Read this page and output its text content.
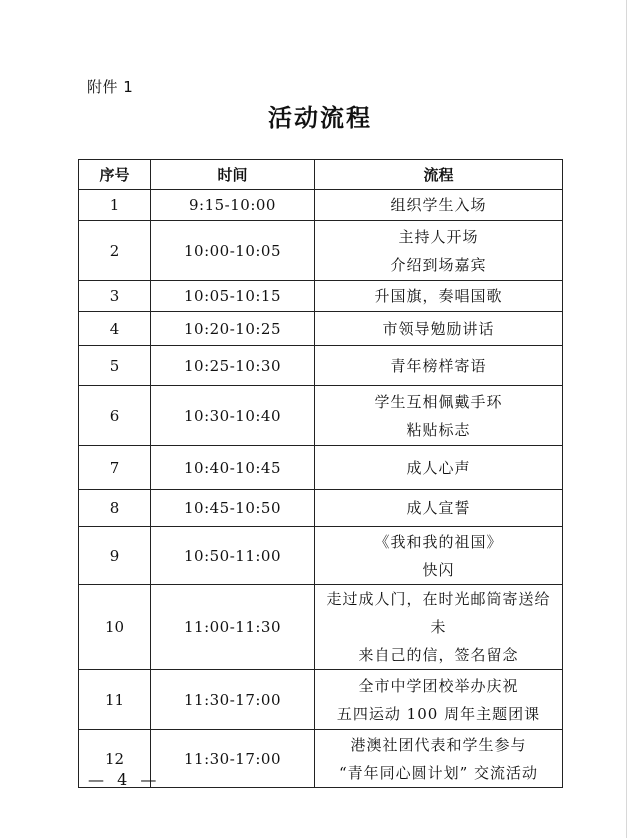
附件 1
活动流程
序号	时间	流程
1	9:15-10:00	组织学生入场

2	10:00-10:05	主持人开场
介绍到场嘉宾

3	10:05-10:15	升国旗，奏唱国歌

4	10:20-10:25	市领导勉励讲话

5	10:25-10:30	青年榜样寄语

6	10:30-10:40	学生互相佩戴手环
粘贴标志

7	10:40-10:45	成人心声

8	10:45-10:50	成人宣誓

9	10:50-11:00	《我和我的祖国》
快闪

10	11:00-11:30	走过成人门，在时光邮筒寄送给未
来自己的信，签名留念

11	11:30-17:00	全市中学团校举办庆祝
五四运动 100 周年主题团课

12	11:30-17:00	港澳社团代表和学生参与
“青年同心圆计划” 交流活动
— 4 —
